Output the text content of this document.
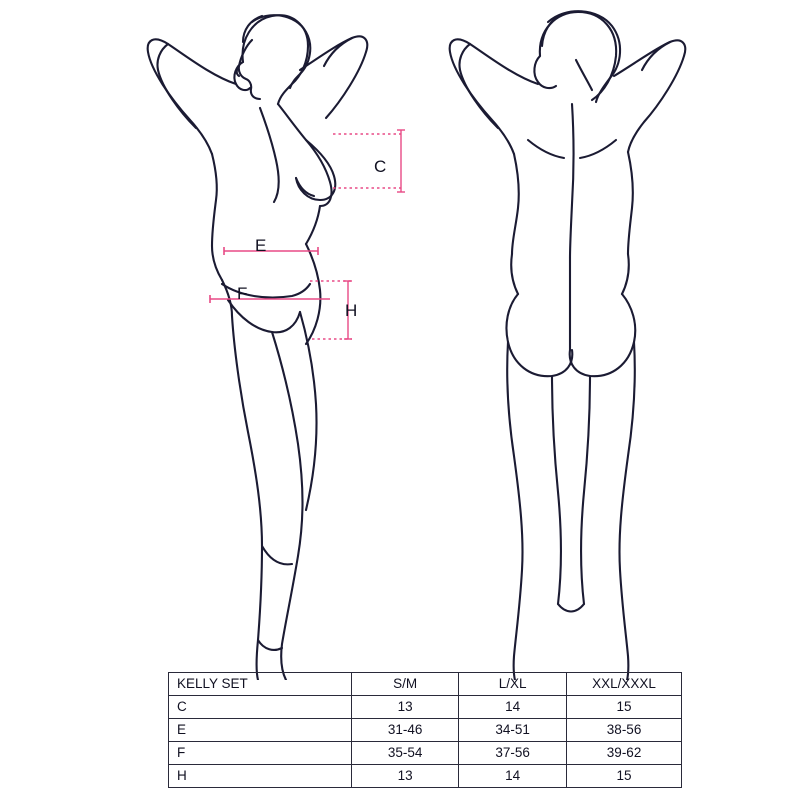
C
E
F
H
KELLY SET	S/M	L/XL	XXL/XXXL
C	13	14	15
E	31-46	34-51	38-56
F	35-54	37-56	39-62
H	13	14	15
